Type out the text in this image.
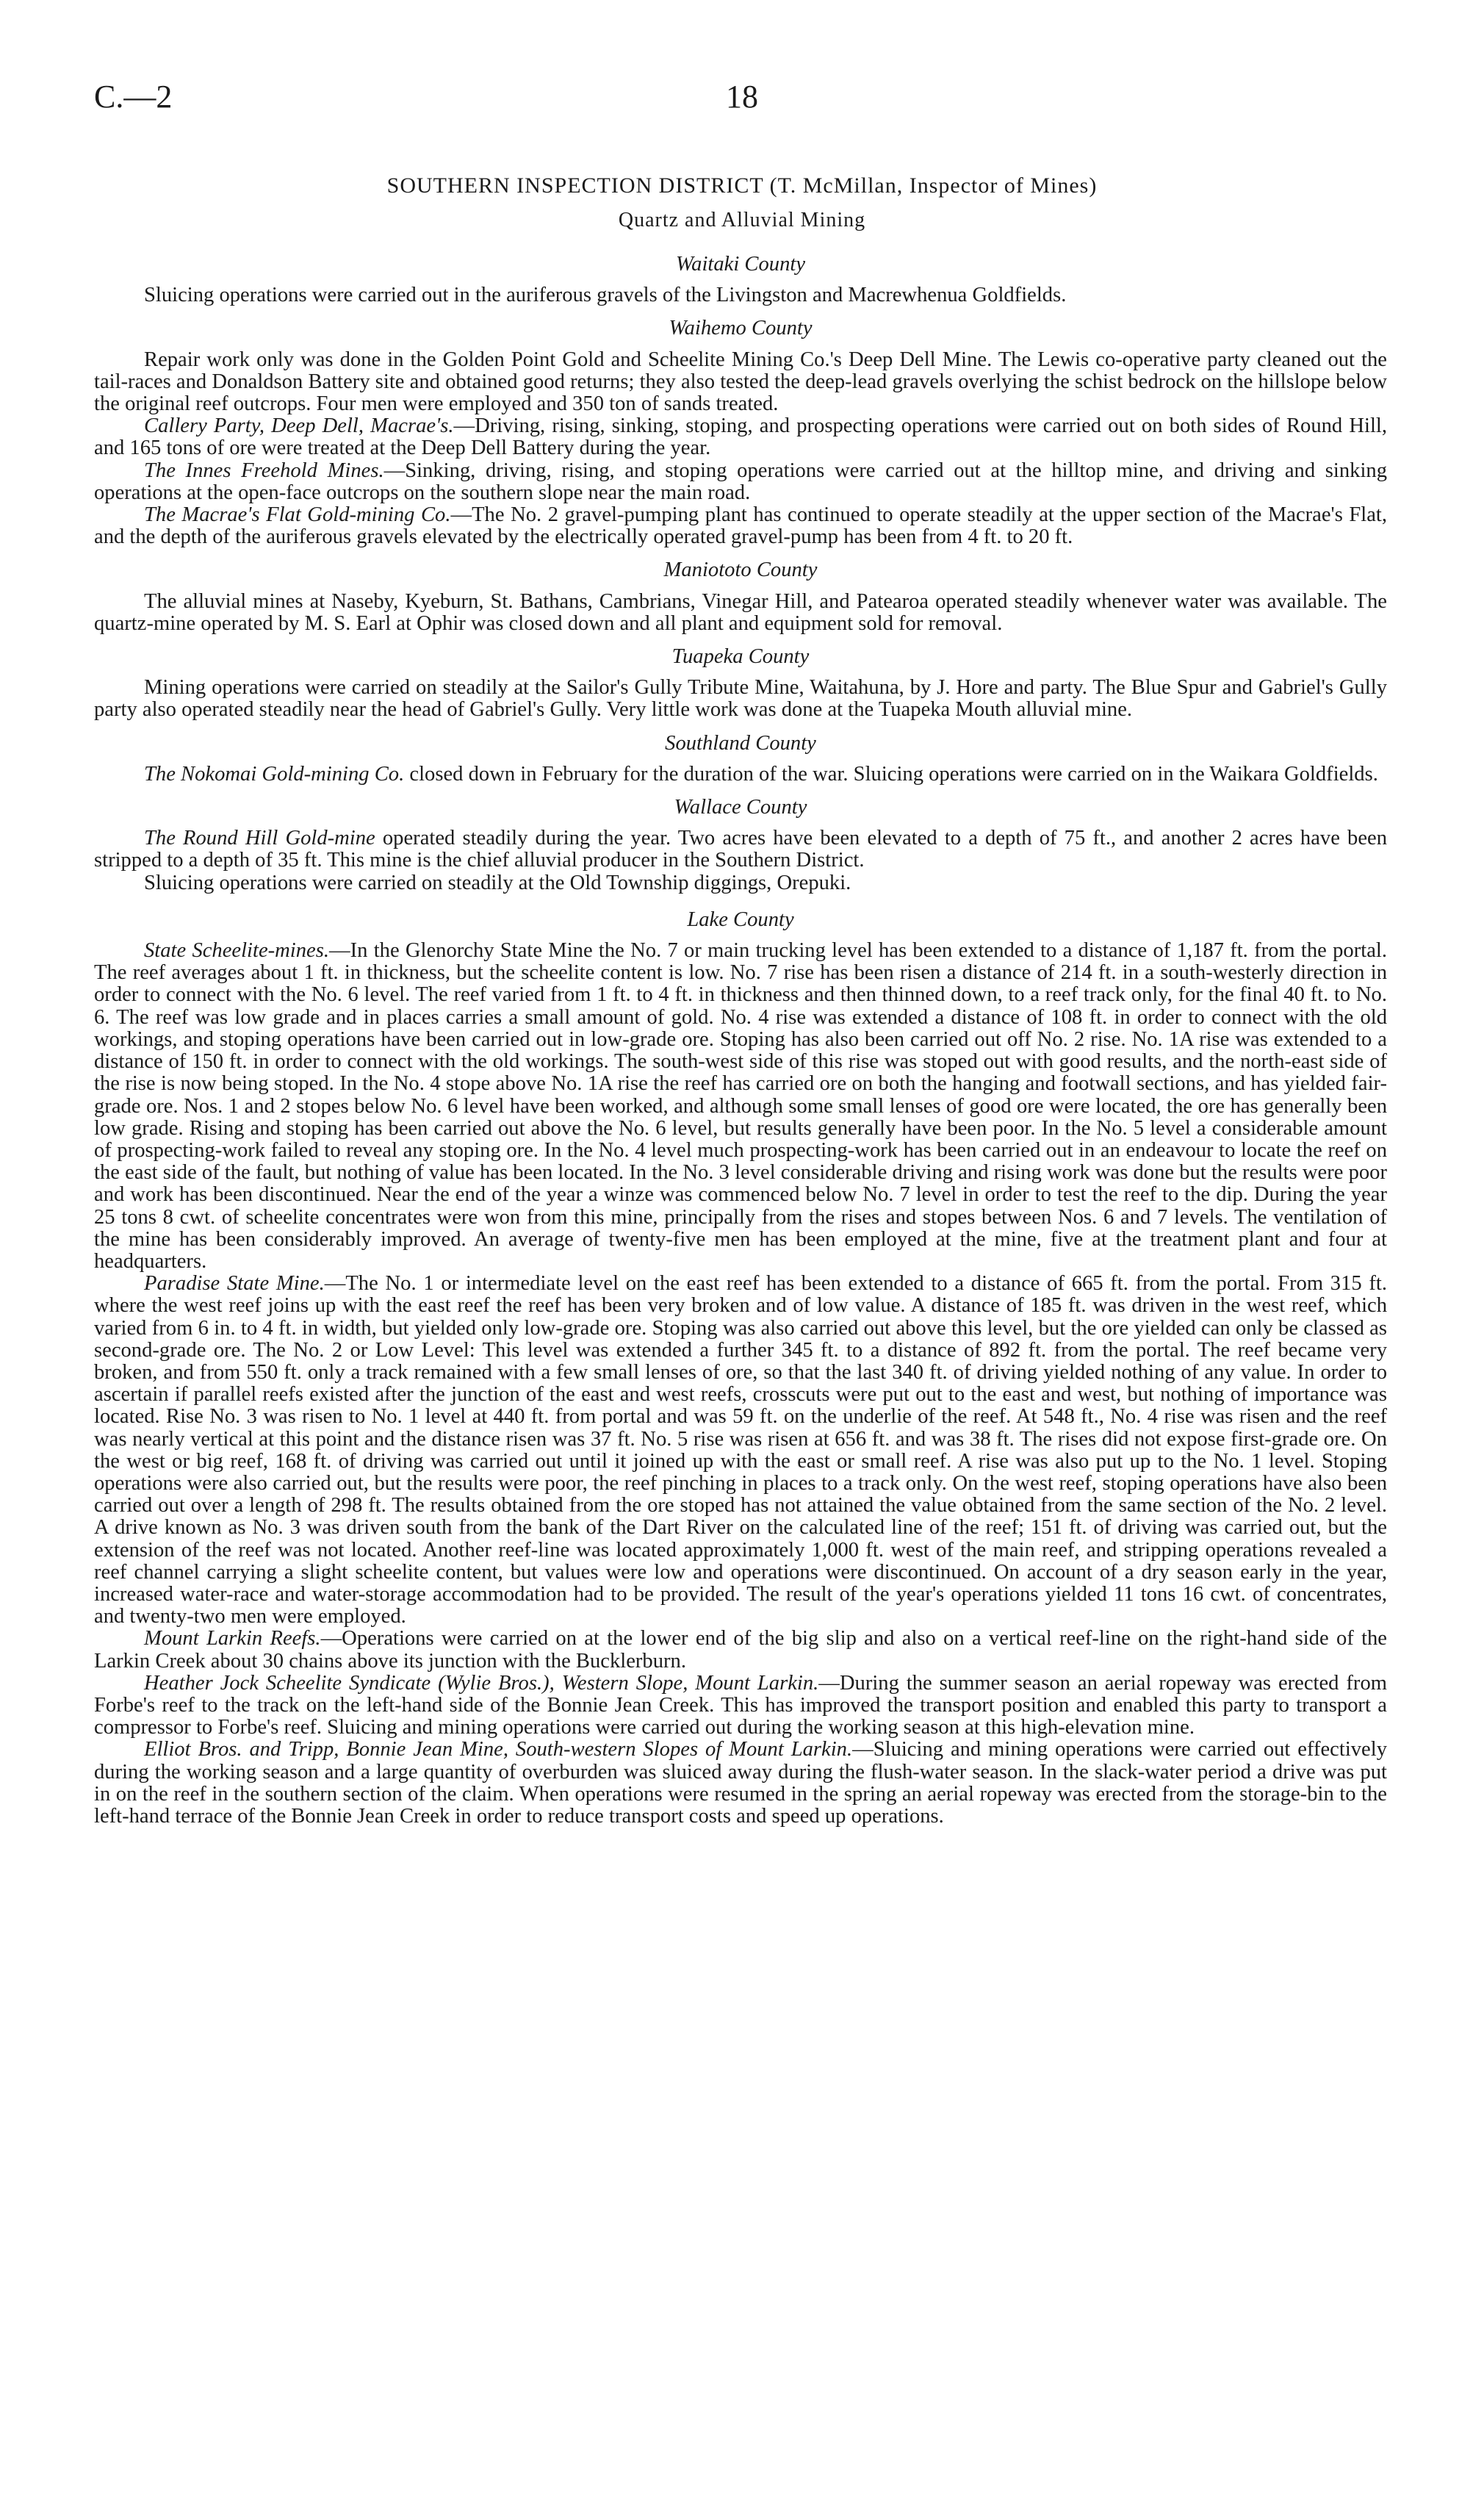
C.—2	18
SOUTHERN INSPECTION DISTRICT (T. McMillan, Inspector of Mines)
Quartz and Alluvial Mining
Waitaki County

Sluicing operations were carried out in the auriferous gravels of the Livingston and Macrewhenua Goldfields.

Waihemo County

Repair work only was done in the Golden Point Gold and Scheelite Mining Co.'s Deep Dell Mine. The Lewis co-operative party cleaned out the tail-races and Donaldson Battery site and obtained good returns; they also tested the deep-lead gravels overlying the schist bedrock on the hillslope below the original reef outcrops. Four men were employed and 350 ton of sands treated.

Callery Party, Deep Dell, Macrae's.—Driving, rising, sinking, stoping, and prospecting operations were carried out on both sides of Round Hill, and 165 tons of ore were treated at the Deep Dell Battery during the year.

The Innes Freehold Mines.—Sinking, driving, rising, and stoping operations were carried out at the hilltop mine, and driving and sinking operations at the open-face outcrops on the southern slope near the main road.

The Macrae's Flat Gold-mining Co.—The No. 2 gravel-pumping plant has continued to operate steadily at the upper section of the Macrae's Flat, and the depth of the auriferous gravels elevated by the electrically operated gravel-pump has been from 4 ft. to 20 ft.

Maniototo County

The alluvial mines at Naseby, Kyeburn, St. Bathans, Cambrians, Vinegar Hill, and Patearoa operated steadily whenever water was available. The quartz-mine operated by M. S. Earl at Ophir was closed down and all plant and equipment sold for removal.

Tuapeka County

Mining operations were carried on steadily at the Sailor's Gully Tribute Mine, Waitahuna, by J. Hore and party. The Blue Spur and Gabriel's Gully party also operated steadily near the head of Gabriel's Gully. Very little work was done at the Tuapeka Mouth alluvial mine.

Southland County

The Nokomai Gold-mining Co. closed down in February for the duration of the war. Sluicing operations were carried on in the Waikara Goldfields.

Wallace County

The Round Hill Gold-mine operated steadily during the year. Two acres have been elevated to a depth of 75 ft., and another 2 acres have been stripped to a depth of 35 ft. This mine is the chief alluvial producer in the Southern District.

Sluicing operations were carried on steadily at the Old Township diggings, Orepuki.

Lake County

State Scheelite-mines.—In the Glenorchy State Mine the No. 7 or main trucking level has been extended to a distance of 1,187 ft. from the portal. The reef averages about 1 ft. in thickness, but the scheelite content is low. No. 7 rise has been risen a distance of 214 ft. in a south-westerly direction in order to connect with the No. 6 level. The reef varied from 1 ft. to 4 ft. in thickness and then thinned down, to a reef track only, for the final 40 ft. to No. 6. The reef was low grade and in places carries a small amount of gold. No. 4 rise was extended a distance of 108 ft. in order to connect with the old workings, and stoping operations have been carried out in low-grade ore. Stoping has also been carried out off No. 2 rise. No. 1A rise was extended to a distance of 150 ft. in order to connect with the old workings. The south-west side of this rise was stoped out with good results, and the north-east side of the rise is now being stoped. In the No. 4 stope above No. 1A rise the reef has carried ore on both the hanging and footwall sections, and has yielded fair-grade ore. Nos. 1 and 2 stopes below No. 6 level have been worked, and although some small lenses of good ore were located, the ore has generally been low grade. Rising and stoping has been carried out above the No. 6 level, but results generally have been poor. In the No. 5 level a considerable amount of prospecting-work failed to reveal any stoping ore. In the No. 4 level much prospecting-work has been carried out in an endeavour to locate the reef on the east side of the fault, but nothing of value has been located. In the No. 3 level considerable driving and rising work was done but the results were poor and work has been discontinued. Near the end of the year a winze was commenced below No. 7 level in order to test the reef to the dip. During the year 25 tons 8 cwt. of scheelite concentrates were won from this mine, principally from the rises and stopes between Nos. 6 and 7 levels. The ventilation of the mine has been considerably improved. An average of twenty-five men has been employed at the mine, five at the treatment plant and four at headquarters.

Paradise State Mine.—The No. 1 or intermediate level on the east reef has been extended to a distance of 665 ft. from the portal. From 315 ft. where the west reef joins up with the east reef the reef has been very broken and of low value. A distance of 185 ft. was driven in the west reef, which varied from 6 in. to 4 ft. in width, but yielded only low-grade ore. Stoping was also carried out above this level, but the ore yielded can only be classed as second-grade ore. The No. 2 or Low Level: This level was extended a further 345 ft. to a distance of 892 ft. from the portal. The reef became very broken, and from 550 ft. only a track remained with a few small lenses of ore, so that the last 340 ft. of driving yielded nothing of any value. In order to ascertain if parallel reefs existed after the junction of the east and west reefs, crosscuts were put out to the east and west, but nothing of importance was located. Rise No. 3 was risen to No. 1 level at 440 ft. from portal and was 59 ft. on the underlie of the reef. At 548 ft., No. 4 rise was risen and the reef was nearly vertical at this point and the distance risen was 37 ft. No. 5 rise was risen at 656 ft. and was 38 ft. The rises did not expose first-grade ore. On the west or big reef, 168 ft. of driving was carried out until it joined up with the east or small reef. A rise was also put up to the No. 1 level. Stoping operations were also carried out, but the results were poor, the reef pinching in places to a track only. On the west reef, stoping operations have also been carried out over a length of 298 ft. The results obtained from the ore stoped has not attained the value obtained from the same section of the No. 2 level. A drive known as No. 3 was driven south from the bank of the Dart River on the calculated line of the reef; 151 ft. of driving was carried out, but the extension of the reef was not located. Another reef-line was located approximately 1,000 ft. west of the main reef, and stripping operations revealed a reef channel carrying a slight scheelite content, but values were low and operations were discontinued. On account of a dry season early in the year, increased water-race and water-storage accommodation had to be provided. The result of the year's operations yielded 11 tons 16 cwt. of concentrates, and twenty-two men were employed.

Mount Larkin Reefs.—Operations were carried on at the lower end of the big slip and also on a vertical reef-line on the right-hand side of the Larkin Creek about 30 chains above its junction with the Bucklerburn.

Heather Jock Scheelite Syndicate (Wylie Bros.), Western Slope, Mount Larkin.—During the summer season an aerial ropeway was erected from Forbe's reef to the track on the left-hand side of the Bonnie Jean Creek. This has improved the transport position and enabled this party to transport a compressor to Forbe's reef. Sluicing and mining operations were carried out during the working season at this high-elevation mine.

Elliot Bros. and Tripp, Bonnie Jean Mine, South-western Slopes of Mount Larkin.—Sluicing and mining operations were carried out effectively during the working season and a large quantity of overburden was sluiced away during the flush-water season. In the slack-water period a drive was put in on the reef in the southern section of the claim. When operations were resumed in the spring an aerial ropeway was erected from the storage-bin to the left-hand terrace of the Bonnie Jean Creek in order to reduce transport costs and speed up operations.
